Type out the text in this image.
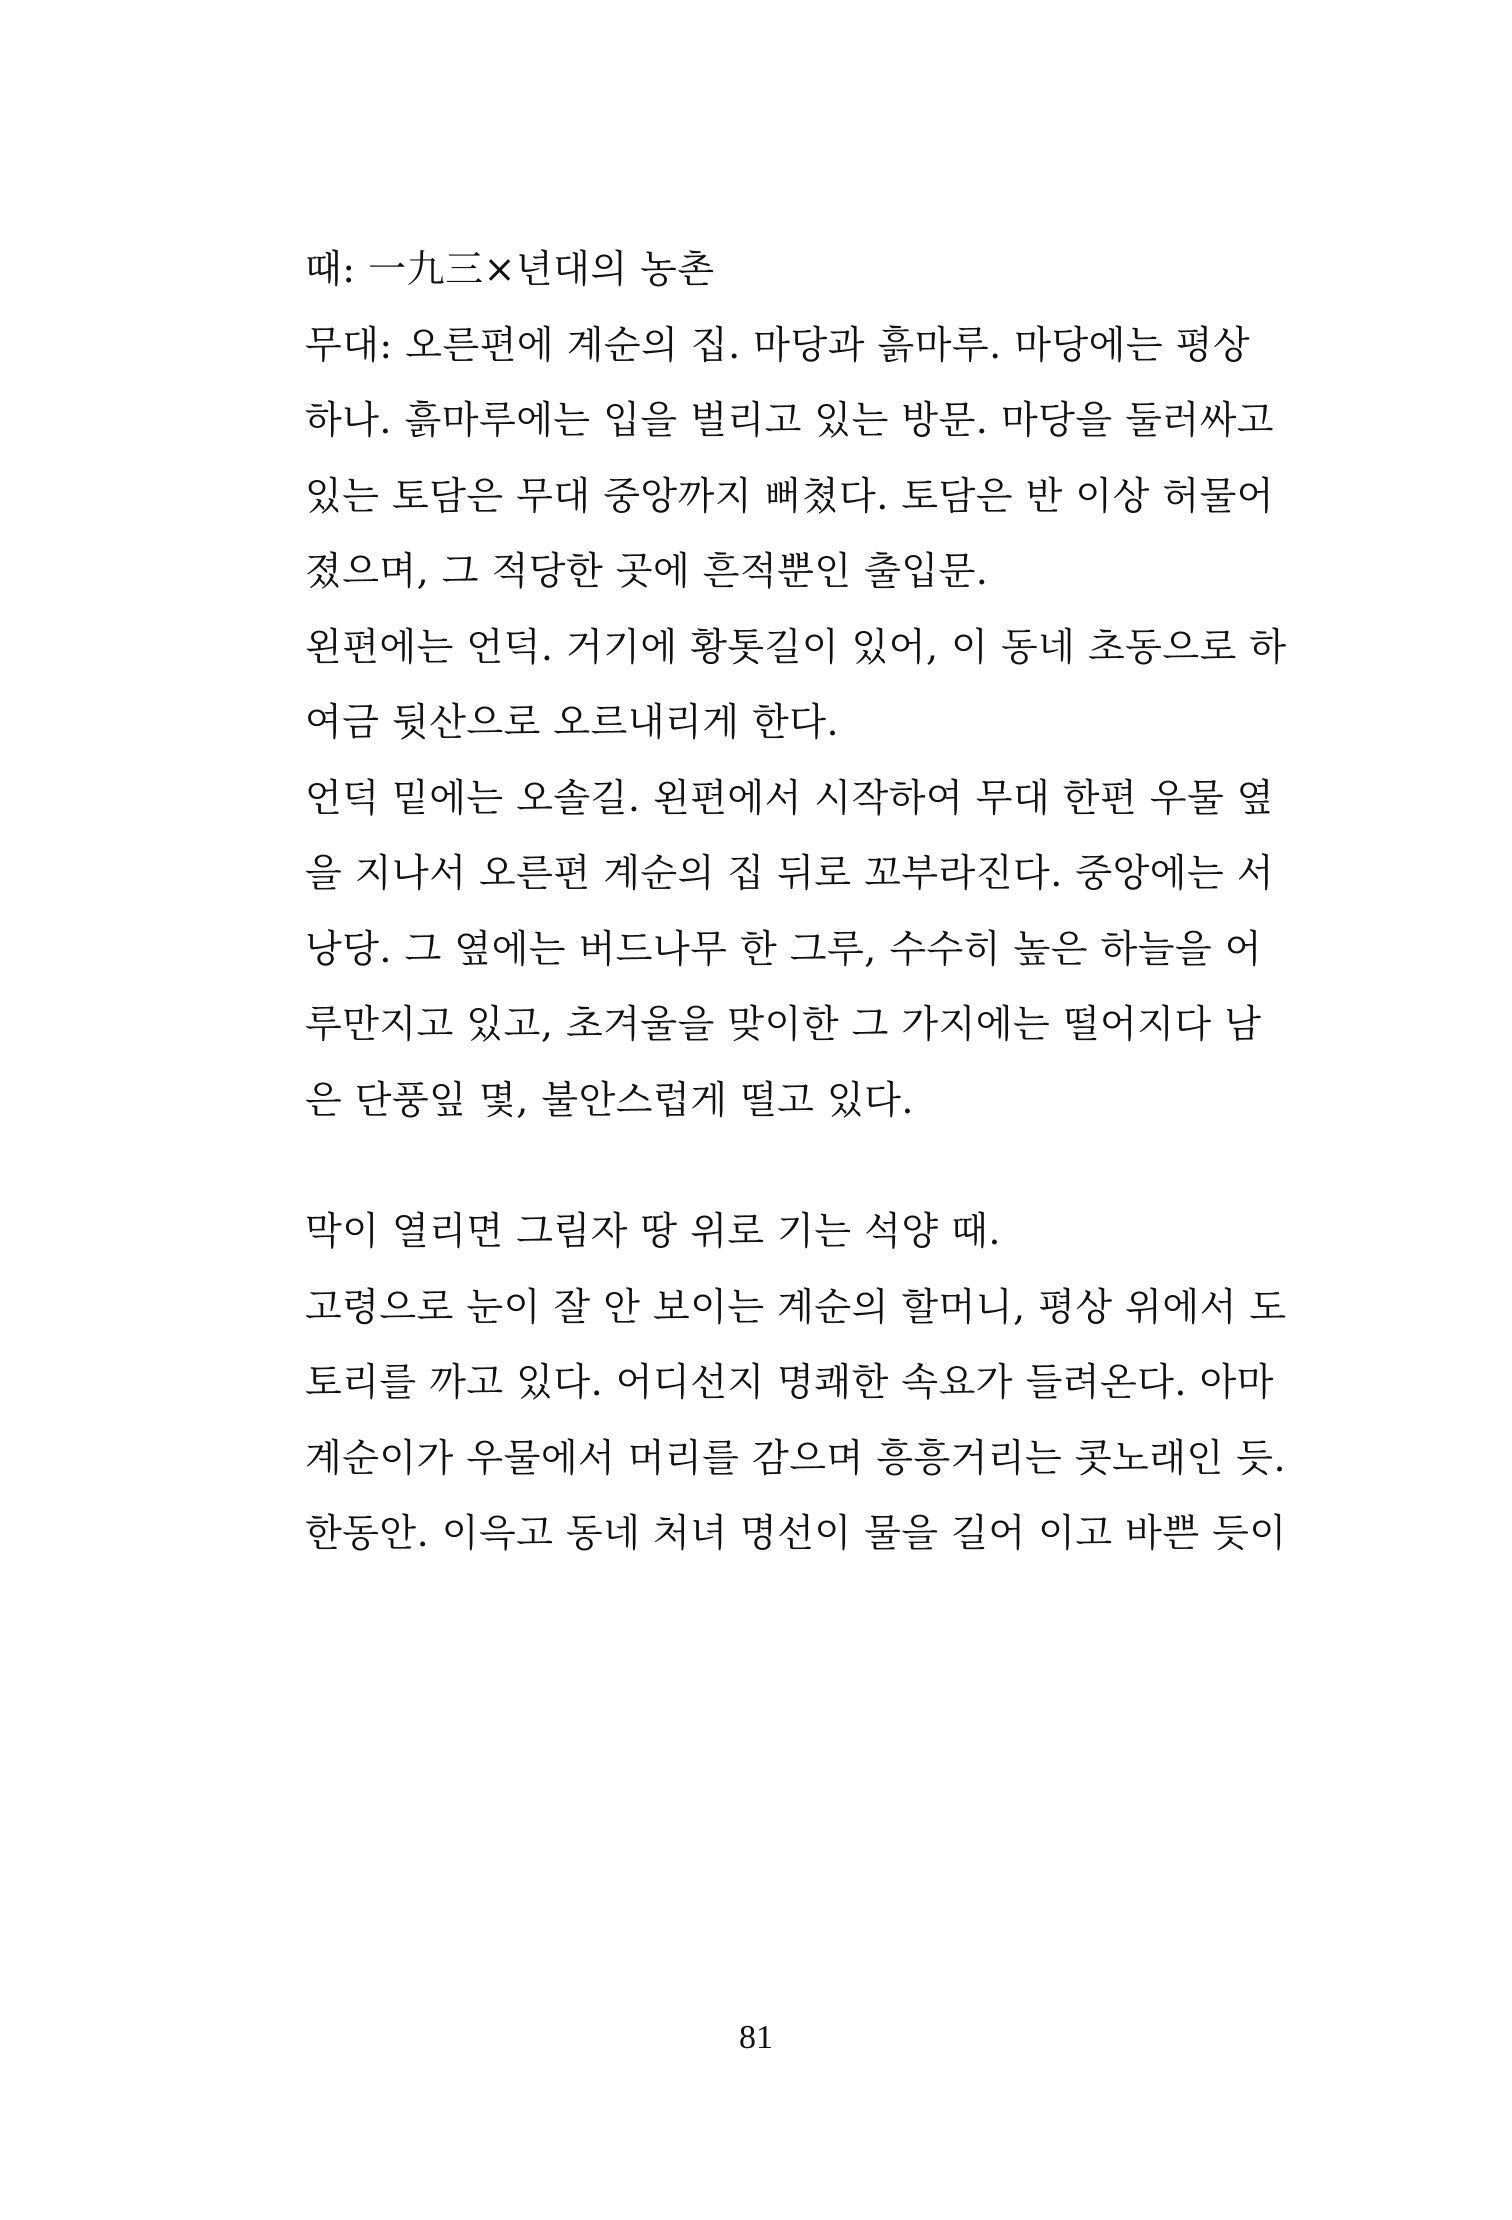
때: 一九三×년대의 농촌
무대: 오른편에 계순의 집. 마당과 흙마루. 마당에는 평상
하나. 흙마루에는 입을 벌리고 있는 방문. 마당을 둘러싸고
있는 토담은 무대 중앙까지 뻐쳤다. 토담은 반 이상 허물어
졌으며, 그 적당한 곳에 흔적뿐인 출입문.
왼편에는 언덕. 거기에 황톳길이 있어, 이 동네 초동으로 하
여금 뒷산으로 오르내리게 한다.
언덕 밑에는 오솔길. 왼편에서 시작하여 무대 한편 우물 옆
을 지나서 오른편 계순의 집 뒤로 꼬부라진다. 중앙에는 서
낭당. 그 옆에는 버드나무 한 그루, 수수히 높은 하늘을 어
루만지고 있고, 초겨울을 맞이한 그 가지에는 떨어지다 남
은 단풍잎 몇, 불안스럽게 떨고 있다.
막이 열리면 그림자 땅 위로 기는 석양 때.
고령으로 눈이 잘 안 보이는 계순의 할머니, 평상 위에서 도
토리를 까고 있다. 어디선지 명쾌한 속요가 들려온다. 아마
계순이가 우물에서 머리를 감으며 흥흥거리는 콧노래인 듯.
한동안. 이윽고 동네 처녀 명선이 물을 길어 이고 바쁜 듯이
81
